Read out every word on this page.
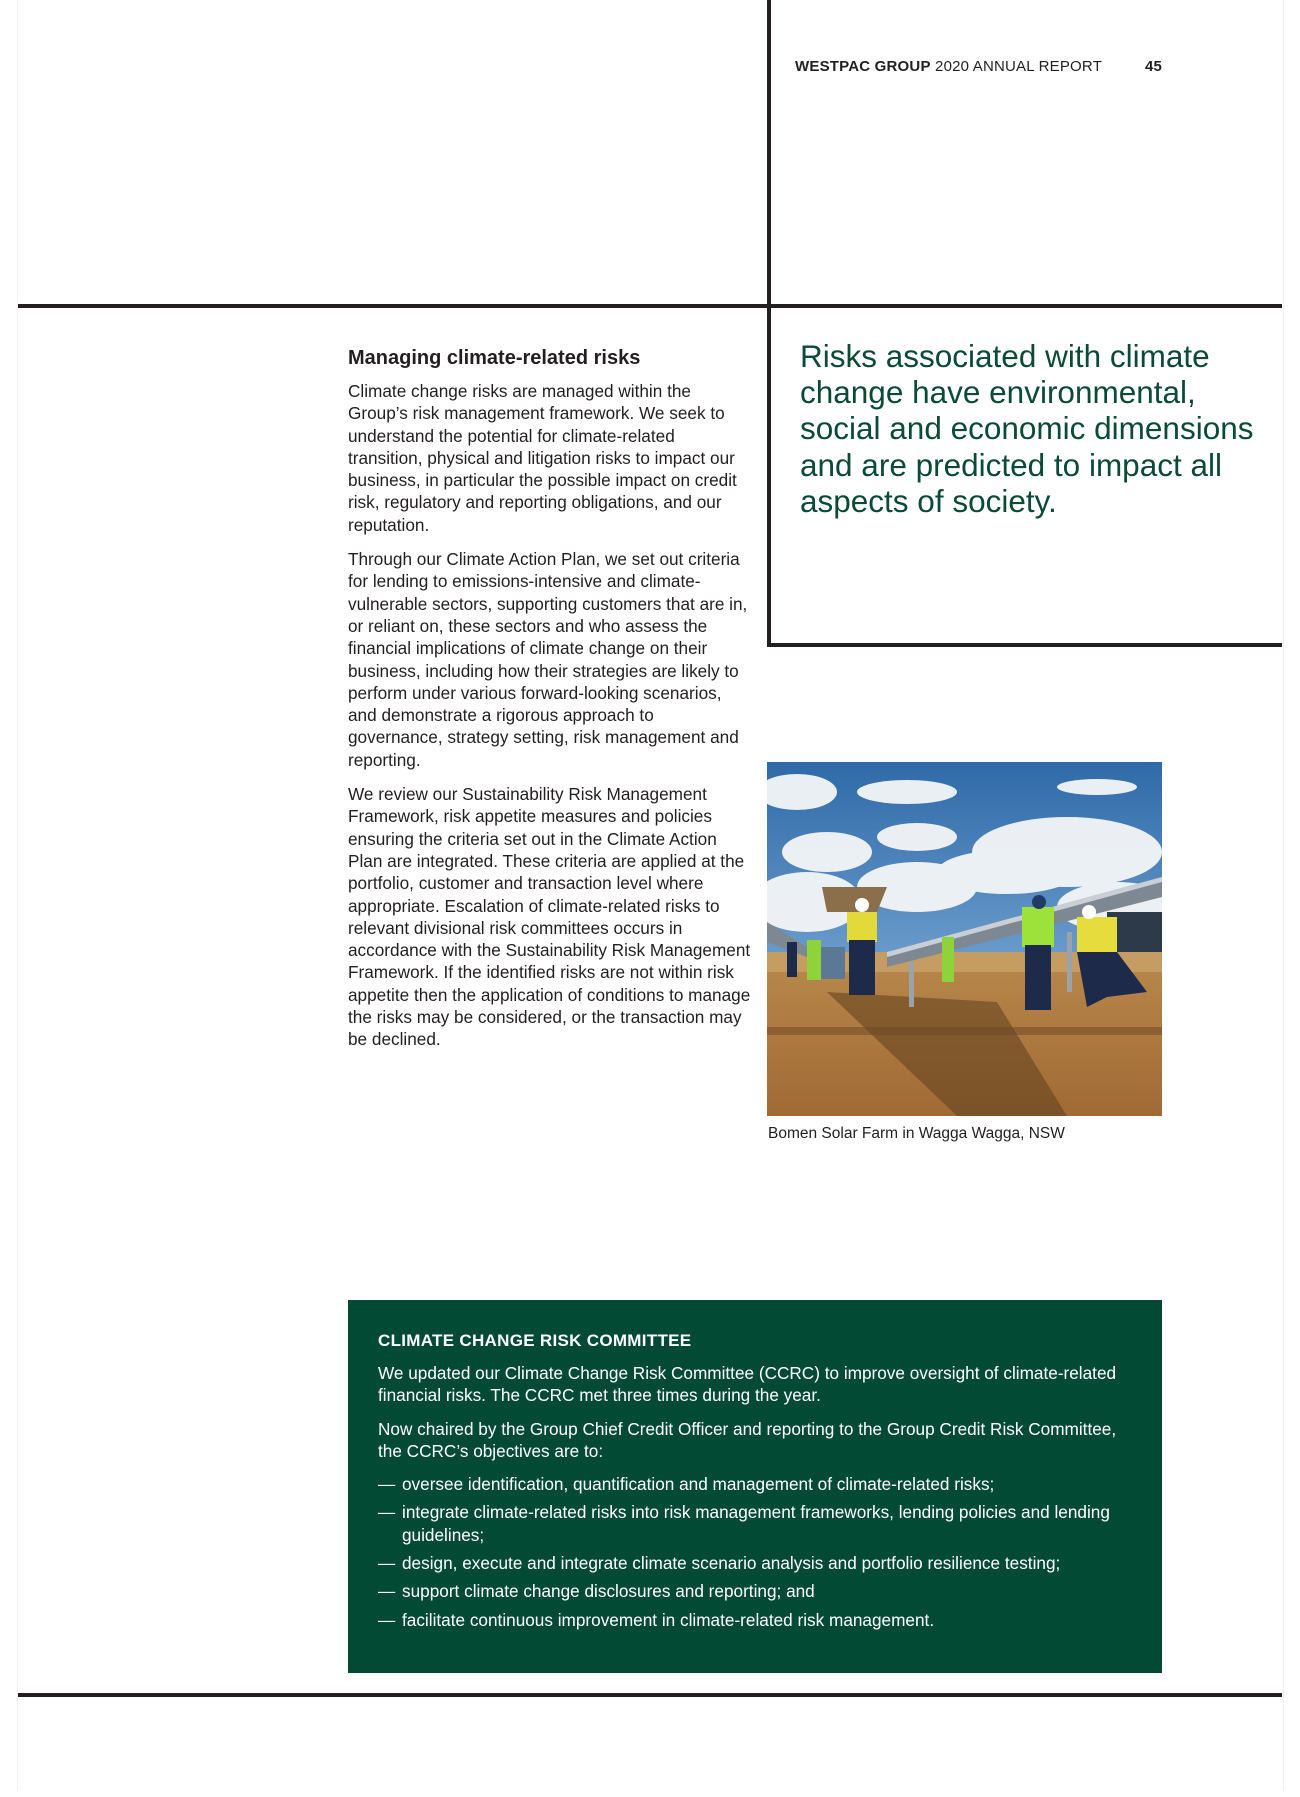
WESTPAC GROUP 2020 ANNUAL REPORT	45
Managing climate-related risks

Climate change risks are managed within the Group’s risk management framework. We seek to understand the potential for climate-related transition, physical and litigation risks to impact our business, in particular the possible impact on credit risk, regulatory and reporting obligations, and our reputation.

Through our Climate Action Plan, we set out criteria for lending to emissions-intensive and climate-vulnerable sectors, supporting customers that are in, or reliant on, these sectors and who assess the financial implications of climate change on their business, including how their strategies are likely to perform under various forward-looking scenarios, and demonstrate a rigorous approach to governance, strategy setting, risk management and reporting.

We review our Sustainability Risk Management Framework, risk appetite measures and policies ensuring the criteria set out in the Climate Action Plan are integrated. These criteria are applied at the portfolio, customer and transaction level where appropriate. Escalation of climate-related risks to relevant divisional risk committees occurs in accordance with the Sustainability Risk Management Framework. If the identified risks are not within risk appetite then the application of conditions to manage the risks may be considered, or the transaction may be declined.

Risks associated with climate change have environmental, social and economic dimensions and are predicted to impact all aspects of society.
Bomen Solar Farm in Wagga Wagga, NSW
CLIMATE CHANGE RISK COMMITTEE

We updated our Climate Change Risk Committee (CCRC) to improve oversight of climate-related financial risks. The CCRC met three times during the year.

Now chaired by the Group Chief Credit Officer and reporting to the Group Credit Risk Committee, the CCRC’s objectives are to:

— oversee identification, quantification and management of climate-related risks;
— integrate climate-related risks into risk management frameworks, lending policies and lending guidelines;
— design, execute and integrate climate scenario analysis and portfolio resilience testing;
— support climate change disclosures and reporting; and
— facilitate continuous improvement in climate-related risk management.
